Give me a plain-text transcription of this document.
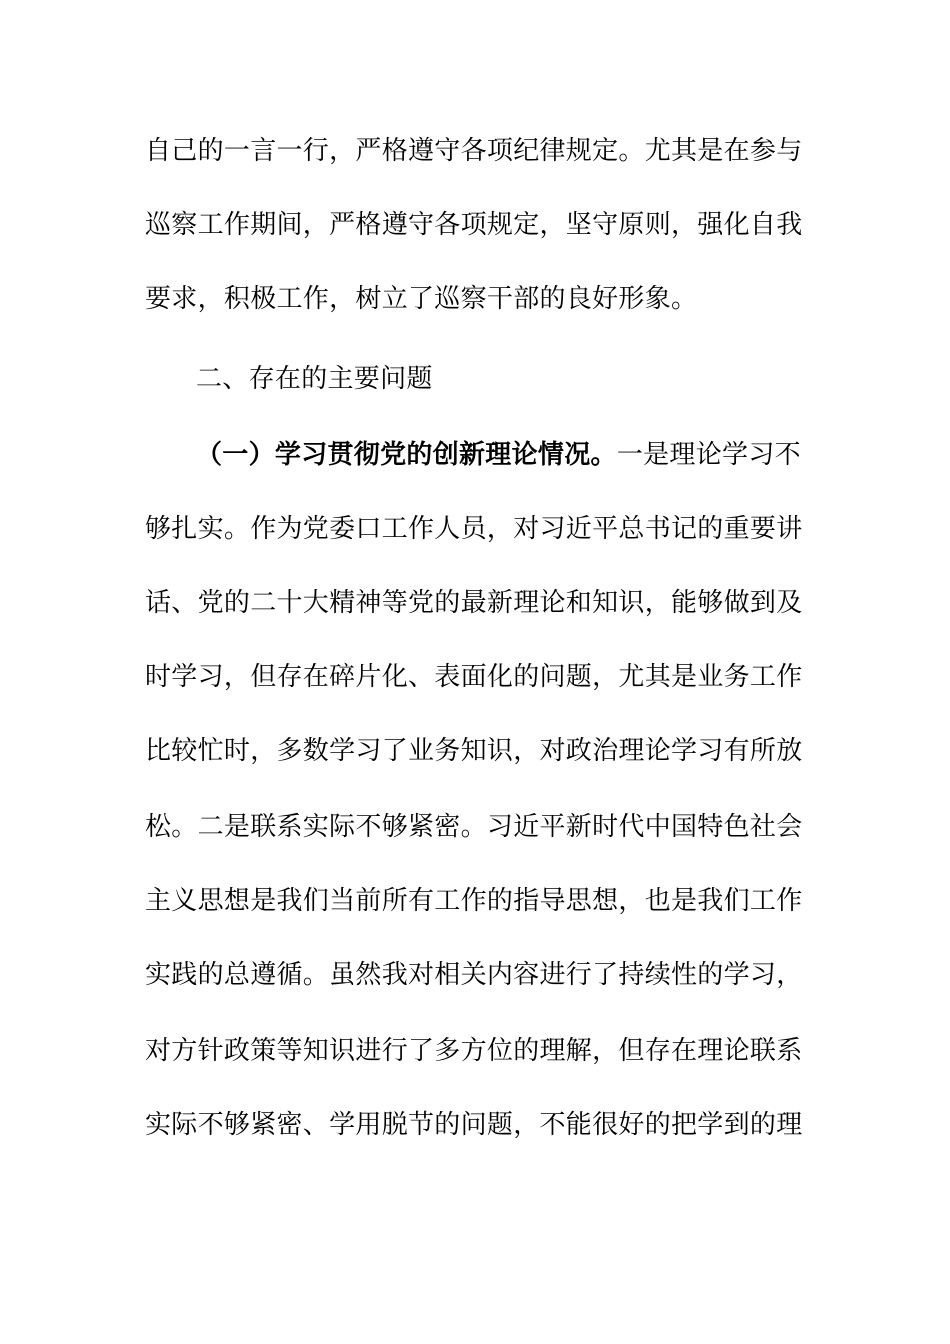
自己的一言一行，严格遵守各项纪律规定。尤其是在参与
巡察工作期间，严格遵守各项规定，坚守原则，强化自我
要求，积极工作，树立了巡察干部的良好形象。
二、存在的主要问题
（一）学习贯彻党的创新理论情况。一是理论学习不
够扎实。作为党委口工作人员，对习近平总书记的重要讲
话、党的二十大精神等党的最新理论和知识，能够做到及
时学习，但存在碎片化、表面化的问题，尤其是业务工作
比较忙时，多数学习了业务知识，对政治理论学习有所放
松。二是联系实际不够紧密。习近平新时代中国特色社会
主义思想是我们当前所有工作的指导思想，也是我们工作
实践的总遵循。虽然我对相关内容进行了持续性的学习，
对方针政策等知识进行了多方位的理解，但存在理论联系
实际不够紧密、学用脱节的问题，不能很好的把学到的理
